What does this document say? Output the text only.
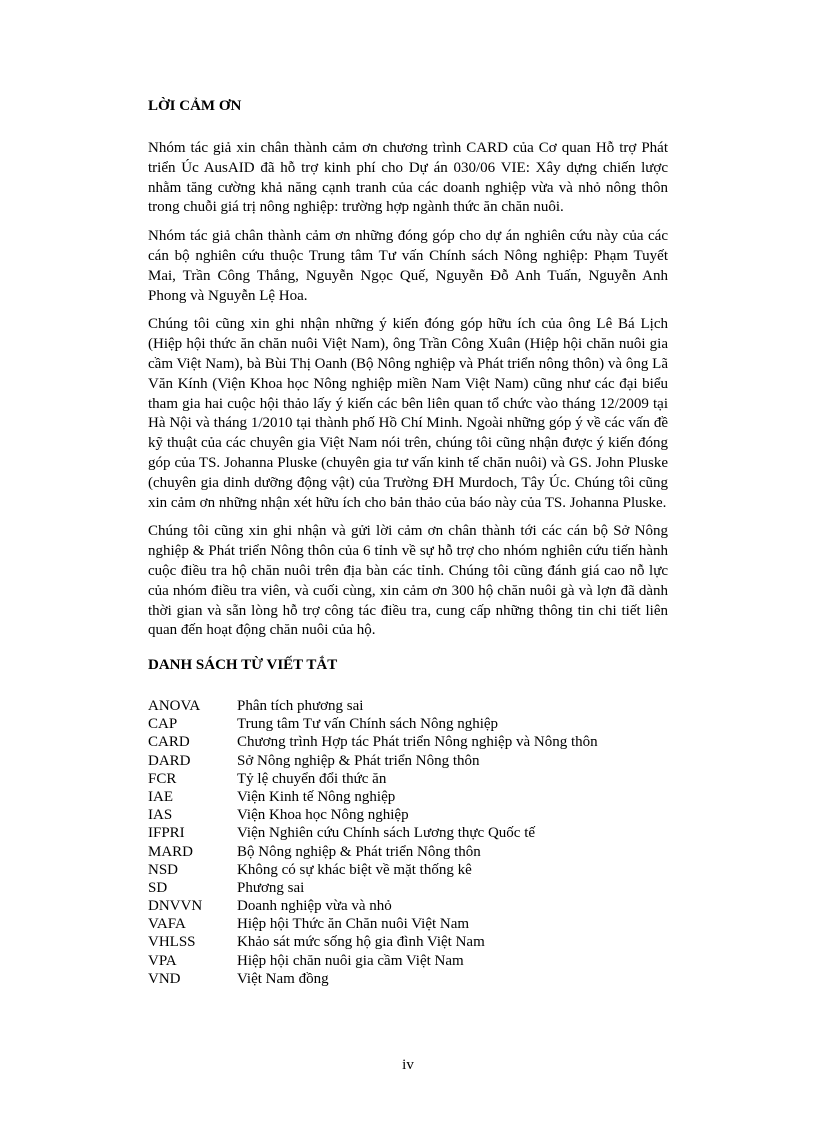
LỜI CẢM ƠN

Nhóm tác giả xin chân thành cảm ơn chương trình CARD của Cơ quan Hỗ trợ Phát triển Úc AusAID đã hỗ trợ kinh phí cho Dự án 030/06 VIE: Xây dựng chiến lược nhằm tăng cường khả năng cạnh tranh của các doanh nghiệp vừa và nhỏ nông thôn trong chuỗi giá trị nông nghiệp: trường hợp ngành thức ăn chăn nuôi.

Nhóm tác giả chân thành cảm ơn những đóng góp cho dự án nghiên cứu này của các cán bộ nghiên cứu thuộc Trung tâm Tư vấn Chính sách Nông nghiệp: Phạm Tuyết Mai, Trần Công Thắng, Nguyễn Ngọc Quế, Nguyễn Đỗ Anh Tuấn, Nguyễn Anh Phong và Nguyễn Lệ Hoa.

Chúng tôi cũng xin ghi nhận những ý kiến đóng góp hữu ích của ông Lê Bá Lịch (Hiệp hội thức ăn chăn nuôi Việt Nam), ông Trần Công Xuân (Hiệp hội chăn nuôi gia cầm Việt Nam), bà Bùi Thị Oanh (Bộ Nông nghiệp và Phát triển nông thôn) và ông Lã Văn Kính (Viện Khoa học Nông nghiệp miền Nam Việt Nam) cũng như các đại biểu tham gia hai cuộc hội thảo lấy ý kiến các bên liên quan tổ chức vào tháng 12/2009 tại Hà Nội và tháng 1/2010 tại thành phố Hồ Chí Minh. Ngoài những góp ý về các vấn đề kỹ thuật của các chuyên gia Việt Nam nói trên, chúng tôi cũng nhận được ý kiến đóng góp của TS. Johanna Pluske (chuyên gia tư vấn kinh tế chăn nuôi) và GS. John Pluske (chuyên gia dinh dưỡng động vật) của Trường ĐH Murdoch, Tây Úc. Chúng tôi cũng xin cảm ơn những nhận xét hữu ích cho bản thảo của báo này của TS. Johanna Pluske.

Chúng tôi cũng xin ghi nhận và gửi lời cảm ơn chân thành tới các cán bộ Sở Nông nghiệp & Phát triển Nông thôn của 6 tỉnh về sự hỗ trợ cho nhóm nghiên cứu tiến hành cuộc điều tra hộ chăn nuôi trên địa bàn các tỉnh. Chúng tôi cũng đánh giá cao nỗ lực của nhóm điều tra viên, và cuối cùng, xin cảm ơn 300 hộ chăn nuôi gà và lợn đã dành thời gian và sẵn lòng hỗ trợ công tác điều tra, cung cấp những thông tin chi tiết liên quan đến hoạt động chăn nuôi của hộ.

DANH SÁCH TỪ VIẾT TẮT
ANOVA	Phân tích phương sai
CAP	Trung tâm Tư vấn Chính sách Nông nghiệp
CARD	Chương trình Hợp tác Phát triển Nông nghiệp và Nông thôn
DARD	Sở Nông nghiệp & Phát triển Nông thôn
FCR	Tỷ lệ chuyển đổi thức ăn
IAE	Viện Kinh tế Nông nghiệp
IAS	Viện Khoa học Nông nghiệp
IFPRI	Viện Nghiên cứu Chính sách Lương thực Quốc tế
MARD	Bộ Nông nghiệp & Phát triển Nông thôn
NSD	Không có sự khác biệt về mặt thống kê
SD	Phương sai
DNVVN	Doanh nghiệp vừa và nhỏ
VAFA	Hiệp hội Thức ăn Chăn nuôi Việt Nam
VHLSS	Khảo sát mức sống hộ gia đình Việt Nam
VPA	Hiệp hội chăn nuôi gia cầm Việt Nam
VND	Việt Nam đồng
iv
